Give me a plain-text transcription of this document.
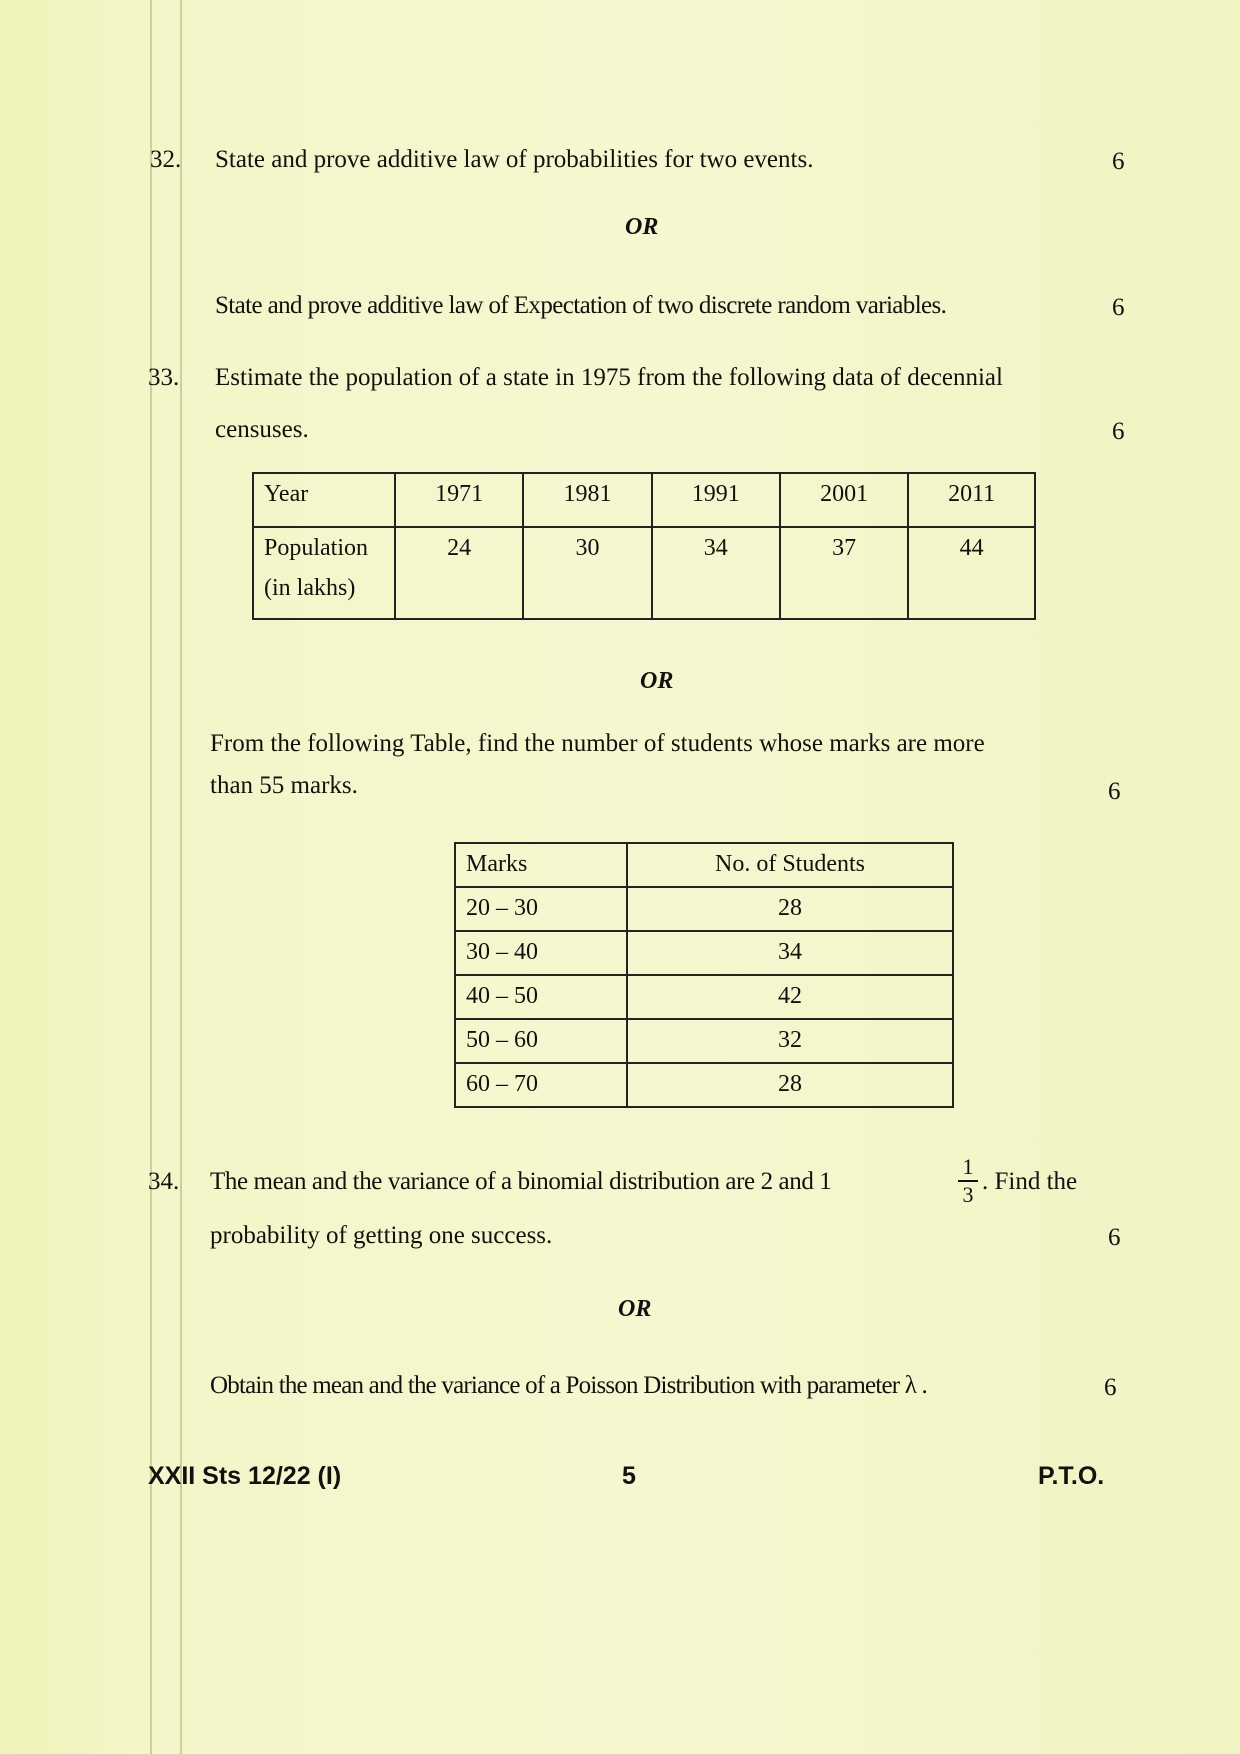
32. State and prove additive law of probabilities for two events.	6
OR
State and prove additive law of Expectation of two discrete random variables.	6
33. Estimate the population of a state in 1975 from the following data of decennial
censuses.	6
Year	1971	1981	1991	2001	2011

Population
(in lakhs)	24	30	34	37	44
OR
From the following Table, find the number of students whose marks are more
than 55 marks.	6
Marks	No. of Students
20 – 30	28
30 – 40	34
40 – 50	42
50 – 60	32
60 – 70	28
34. The mean and the variance of a binomial distribution are 2 and 1
1
3 . Find the
probability of getting one success.	6
OR
Obtain the mean and the variance of a Poisson Distribution with parameter λ .	6
XXII Sts 12/22 (I)	5	P.T.O.
